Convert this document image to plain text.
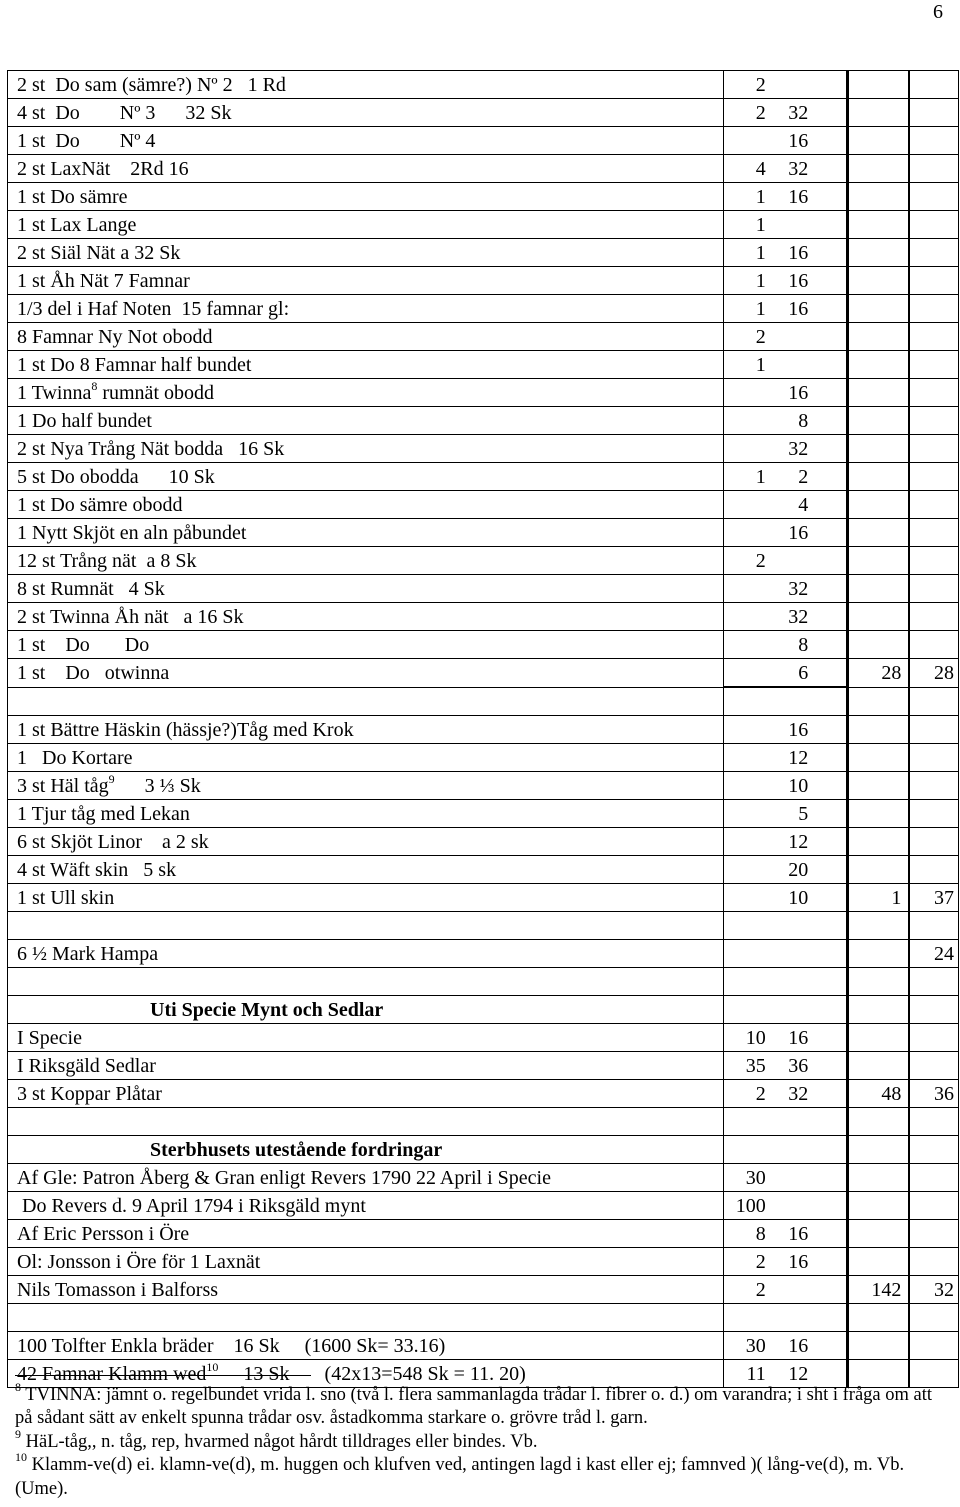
6
2 st  Do sam (sämre?) Nº 2   1 Rd	2			
4 st  Do        Nº 3      32 Sk	2	32		
1 st  Do        Nº 4		16		
2 st LaxNät    2Rd 16	4	32		
1 st Do sämre	1	16		
1 st Lax Lange	1			
2 st Siäl Nät a 32 Sk	1	16		
1 st Åh Nät 7 Famnar	1	16		
1/3 del i Haf Noten  15 famnar gl:	1	16		
8 Famnar Ny Not obodd	2			
1 st Do 8 Famnar half bundet	1			
1 Twinna$^8$ rumnät obodd		16		
1 Do half bundet		8		
2 st Nya Trång Nät bodda   16 Sk		32		
5 st Do obodda      10 Sk	1	2		
1 st Do sämre obodd		4		
1 Nytt Skjöt en aln påbundet		16		
12 st Trång nät  a 8 Sk	2			
8 st Rumnät   4 Sk		32		
2 st Twinna Åh nät   a 16 Sk		32		
1 st    Do       Do		8		
1 st    Do   otwinna		6	28	28

1 st Bättre Häskin (hässje?)Tåg med Krok		16		
1   Do Kortare		12		
3 st Häl tåg$^9$      3 ⅓ Sk		10		
1 Tjur tåg med Lekan		5		
6 st Skjöt Linor    a 2 sk		12		
4 st Wäft skin   5 sk		20		
1 st Ull skin		10	1	37

6 ½ Mark Hampa				24

Uti Specie Mynt och Sedlar				
I Specie	10	16		
I Riksgäld Sedlar	35	36		
3 st Koppar Plåtar	2	32	48	36

Sterbhusets utestående fordringar				
Af Gle: Patron Åberg & Gran enligt Revers 1790 22 April i Specie	30			
Do Revers d. 9 April 1794 i Riksgäld mynt	100			
Af Eric Persson i Öre	8	16		
Ol: Jonsson i Öre för 1 Laxnät	2	16		
Nils Tomasson i Balforss	2		142	32

100 Tolfter Enkla bräder    16 Sk     (1600 Sk= 33.16)	30	16		
42 Famnar Klamm wed$^{10}$     13 Sk       (42x13=548 Sk = 11. 20)	11	12		

$^8$ TVINNA: jämnt o. regelbundet vrida l. sno (två l. flera sammanlagda trådar l. fibrer o. d.) om varandra; i sht i fråga om att på sådant sätt av enkelt spunna trådar osv. åstadkomma starkare o. grövre tråd l. garn.

$^9$ HäL-tåg,, n. tåg, rep, hvarmed något hårdt tilldrages eller bindes. Vb.

$^{10}$ Klamm-ve(d) ei. klamn-ve(d), m. huggen och klufven ved, antingen lagd i kast eller ej; famnved )( lång-ve(d), m. Vb. (Ume).
